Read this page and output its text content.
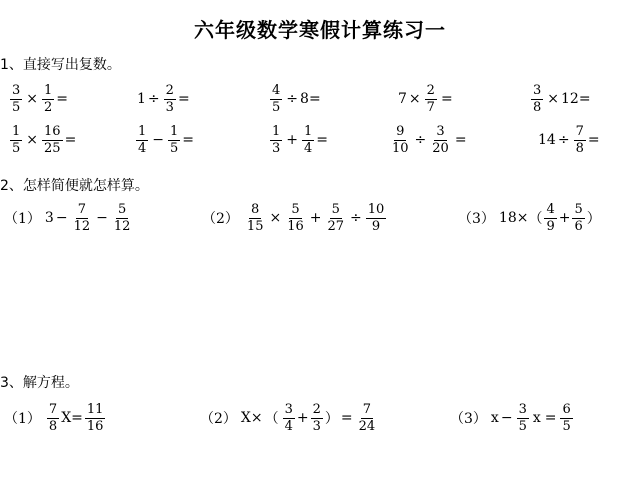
六年级数学寒假计算练习一
1、直接写出复数。
2、怎样简便就怎样算。
3、解方程。
$\frac{3}{5} \times \frac{1}{2}$ =	$1 \div \frac{2}{3}$ =	$\frac{4}{5} \div 8$ =	$7 \times \frac{2}{7}$ =	$\frac{3}{8} \times 12$ =
$\frac{1}{5} \times \frac{16}{25}$ =	$\frac{1}{4} - \frac{1}{5}$ =	$\frac{1}{3} + \frac{1}{4}$ =	$\frac{9}{10} \div \frac{3}{20}$ =	$14 \div \frac{7}{8}$ =
（1） $3 - \frac{7}{12} - \frac{5}{12}$	$(2) \frac{8}{15} \times \frac{5}{16} + \frac{5}{27} \div \frac{10}{9}$	（3） 18× （ $\frac{4}{9} + \frac{5}{6}$ ）
$(1) \frac{7}{8}$ $X = \frac{11}{16}$	（2） X× （ $\frac{3}{4} + \frac{2}{3}$ ） = $\frac{7}{24}$	（3） $x - \frac{3}{5}$ $x = \frac{6}{5}$
